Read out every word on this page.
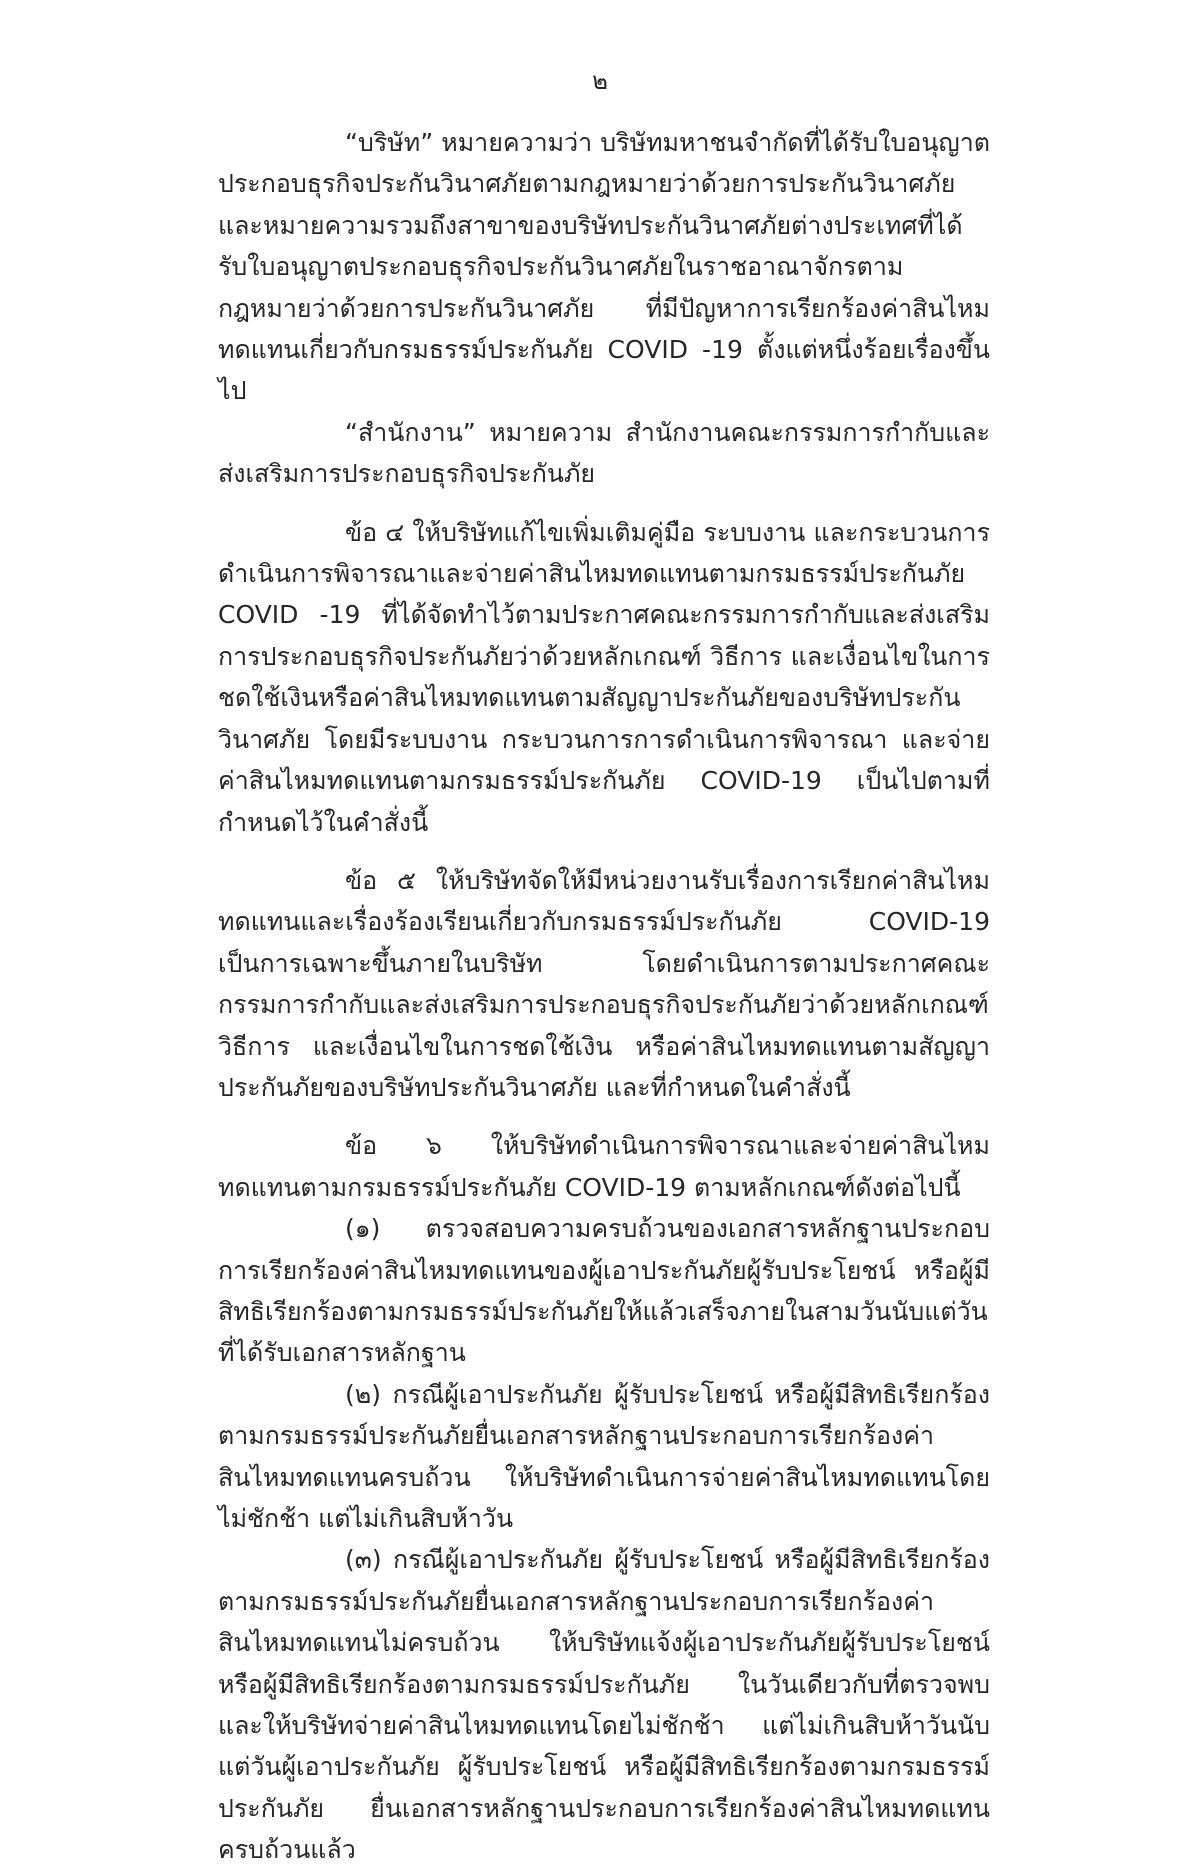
๒

“บริษัท” หมายความว่า บริษัทมหาชนจำกัดที่ได้รับใบอนุญาตประกอบธุรกิจประกันวินาศภัยตามกฎหมายว่าด้วยการประกันวินาศภัย และหมายความรวมถึงสาขาของบริษัทประกันวินาศภัยต่างประเทศที่ได้รับใบอนุญาตประกอบธุรกิจประกันวินาศภัยในราชอาณาจักรตามกฎหมายว่าด้วยการประกันวินาศภัย ที่มีปัญหาการเรียกร้องค่าสินไหมทดแทนเกี่ยวกับกรมธรรม์ประกันภัย COVID -19 ตั้งแต่หนึ่งร้อยเรื่องขึ้นไป

“สำนักงาน” หมายความ สำนักงานคณะกรรมการกำกับและส่งเสริมการประกอบธุรกิจประกันภัย

ข้อ ๔ ให้บริษัทแก้ไขเพิ่มเติมคู่มือ ระบบงาน และกระบวนการดำเนินการพิจารณาและจ่ายค่าสินไหมทดแทนตามกรมธรรม์ประกันภัย COVID -19 ที่ได้จัดทำไว้ตามประกาศคณะกรรมการกำกับและส่งเสริมการประกอบธุรกิจประกันภัยว่าด้วยหลักเกณฑ์ วิธีการ และเงื่อนไขในการชดใช้เงินหรือค่าสินไหมทดแทนตามสัญญาประกันภัยของบริษัทประกันวินาศภัย โดยมีระบบงาน กระบวนการการดำเนินการพิจารณา และจ่ายค่าสินไหมทดแทนตามกรมธรรม์ประกันภัย COVID-19 เป็นไปตามที่กำหนดไว้ในคำสั่งนี้

ข้อ ๕ ให้บริษัทจัดให้มีหน่วยงานรับเรื่องการเรียกค่าสินไหมทดแทนและเรื่องร้องเรียนเกี่ยวกับกรมธรรม์ประกันภัย COVID-19 เป็นการเฉพาะขึ้นภายในบริษัท โดยดำเนินการตามประกาศคณะกรรมการกำกับและส่งเสริมการประกอบธุรกิจประกันภัยว่าด้วยหลักเกณฑ์ วิธีการ และเงื่อนไขในการชดใช้เงิน หรือค่าสินไหมทดแทนตามสัญญาประกันภัยของบริษัทประกันวินาศภัย และที่กำหนดในคำสั่งนี้

ข้อ ๖ ให้บริษัทดำเนินการพิจารณาและจ่ายค่าสินไหมทดแทนตามกรมธรรม์ประกันภัย COVID-19 ตามหลักเกณฑ์ดังต่อไปนี้

(๑) ตรวจสอบความครบถ้วนของเอกสารหลักฐานประกอบการเรียกร้องค่าสินไหมทดแทนของผู้เอาประกันภัยผู้รับประโยชน์ หรือผู้มีสิทธิเรียกร้องตามกรมธรรม์ประกันภัยให้แล้วเสร็จภายในสามวันนับแต่วันที่ได้รับเอกสารหลักฐาน

(๒) กรณีผู้เอาประกันภัย ผู้รับประโยชน์ หรือผู้มีสิทธิเรียกร้องตามกรมธรรม์ประกันภัยยื่นเอกสารหลักฐานประกอบการเรียกร้องค่าสินไหมทดแทนครบถ้วน ให้บริษัทดำเนินการจ่ายค่าสินไหมทดแทนโดยไม่ชักช้า แต่ไม่เกินสิบห้าวัน

(๓) กรณีผู้เอาประกันภัย ผู้รับประโยชน์ หรือผู้มีสิทธิเรียกร้องตามกรมธรรม์ประกันภัยยื่นเอกสารหลักฐานประกอบการเรียกร้องค่าสินไหมทดแทนไม่ครบถ้วน ให้บริษัทแจ้งผู้เอาประกันภัยผู้รับประโยชน์ หรือผู้มีสิทธิเรียกร้องตามกรมธรรม์ประกันภัย ในวันเดียวกับที่ตรวจพบ และให้บริษัทจ่ายค่าสินไหมทดแทนโดยไม่ชักช้า แต่ไม่เกินสิบห้าวันนับแต่วันผู้เอาประกันภัย ผู้รับประโยชน์ หรือผู้มีสิทธิเรียกร้องตามกรมธรรม์ประกันภัย ยื่นเอกสารหลักฐานประกอบการเรียกร้องค่าสินไหมทดแทนครบถ้วนแล้ว
